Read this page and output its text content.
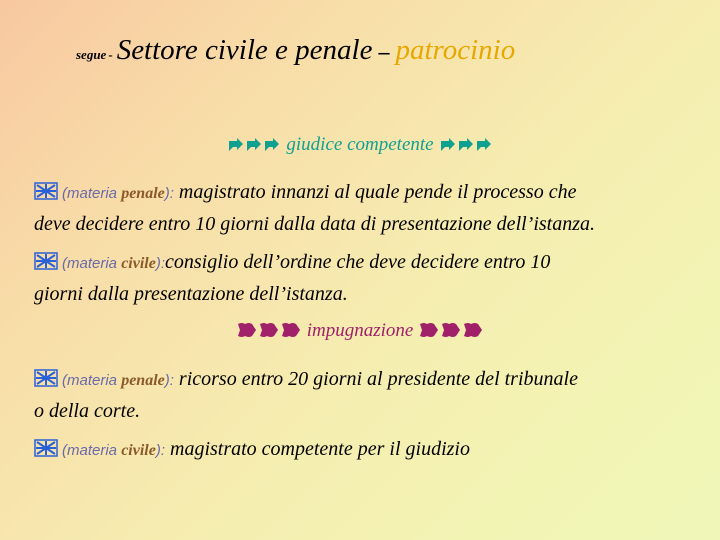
segue - Settore civile e penale – patrocinio
giudice competente
(materia penale): magistrato innanzi al quale pende il processo che
deve decidere entro 10 giorni dalla data di presentazione dell’istanza.
(materia civile):consiglio dell’ordine che deve decidere entro 10
giorni dalla presentazione dell’istanza.
impugnazione
(materia penale): ricorso entro 20 giorni al presidente del tribunale
o della corte.
(materia civile): magistrato competente per il giudizio
